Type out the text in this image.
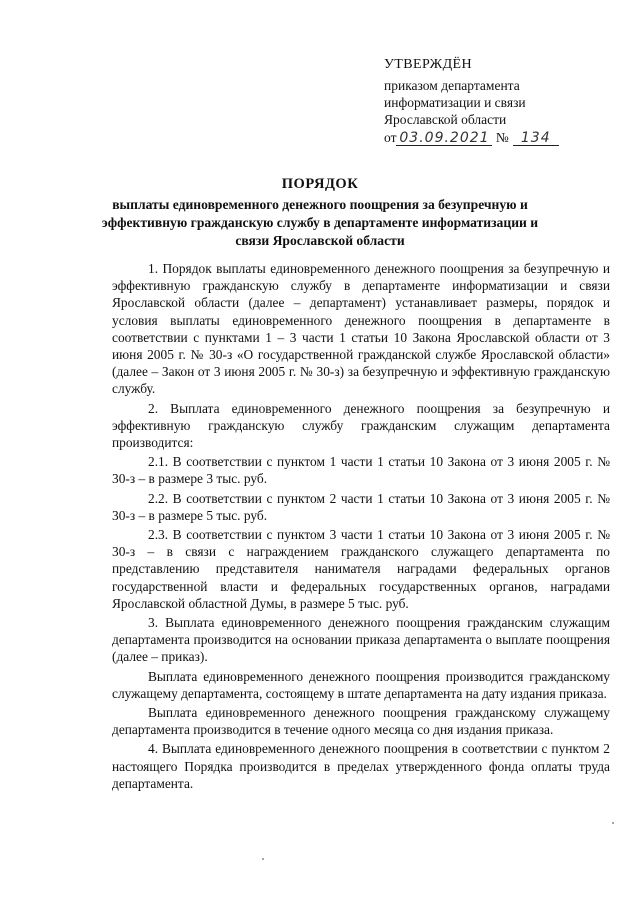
УТВЕРЖДЁН
приказом департамента
информатизации и связи
Ярославской области
от 03.09.2021 № 134
ПОРЯДОК
выплаты единовременного денежного поощрения за безупречную и эффективную гражданскую службу в департаменте информатизации и связи Ярославской области

1. Порядок выплаты единовременного денежного поощрения за безупречную и эффективную гражданскую службу в департаменте информатизации и связи Ярославской области (далее – департамент) устанавливает размеры, порядок и условия выплаты единовременного денежного поощрения в департаменте в соответствии с пунктами 1 – 3 части 1 статьи 10 Закона Ярославской области от 3 июня 2005 г. № 30-з «О государственной гражданской службе Ярославской области» (далее – Закон от 3 июня 2005 г. № 30-з) за безупречную и эффективную гражданскую службу.

2. Выплата единовременного денежного поощрения за безупречную и эффективную гражданскую службу гражданским служащим департамента производится:

2.1. В соответствии с пунктом 1 части 1 статьи 10 Закона от 3 июня 2005 г. № 30-з – в размере 3 тыс. руб.

2.2. В соответствии с пунктом 2 части 1 статьи 10 Закона от 3 июня 2005 г. № 30-з – в размере 5 тыс. руб.

2.3. В соответствии с пунктом 3 части 1 статьи 10 Закона от 3 июня 2005 г. № 30-з – в связи с награждением гражданского служащего департамента по представлению представителя нанимателя наградами федеральных органов государственной власти и федеральных государственных органов, наградами Ярославской областной Думы, в размере 5 тыс. руб.

3. Выплата единовременного денежного поощрения гражданским служащим департамента производится на основании приказа департамента о выплате поощрения (далее – приказ).

Выплата единовременного денежного поощрения производится гражданскому служащему департамента, состоящему в штате департамента на дату издания приказа.

Выплата единовременного денежного поощрения гражданскому служащему департамента производится в течение одного месяца со дня издания приказа.

4. Выплата единовременного денежного поощрения в соответствии с пунктом 2 настоящего Порядка производится в пределах утвержденного фонда оплаты труда департамента.
